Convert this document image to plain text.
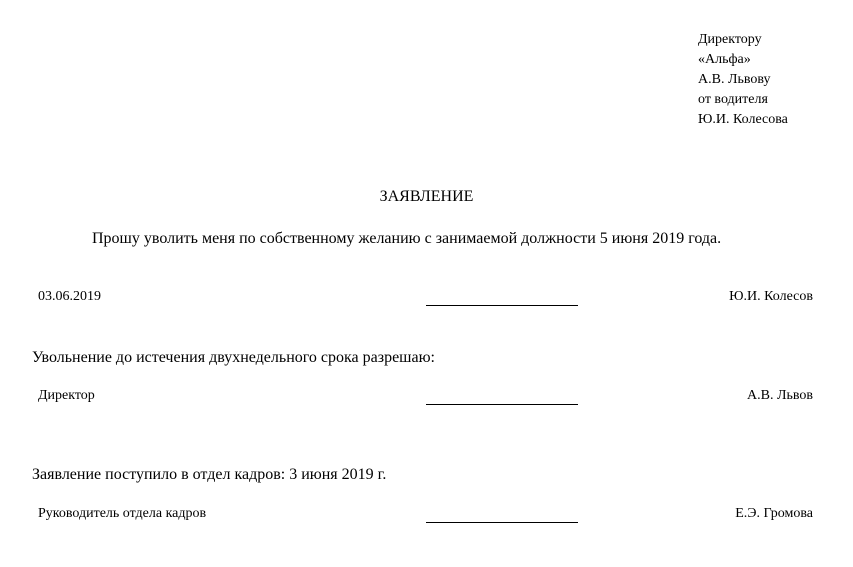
Директору
«Альфа»
А.В. Львову
от водителя
Ю.И. Колесова
ЗАЯВЛЕНИЕ
Прошу уволить меня по собственному желанию с занимаемой должности 5 июня 2019 года.
03.06.2019	Ю.И. Колесов
Увольнение до истечения двухнедельного срока разрешаю:
Директор	А.В. Львов
Заявление поступило в отдел кадров: 3 июня 2019 г.
Руководитель отдела кадров	Е.Э. Громова
